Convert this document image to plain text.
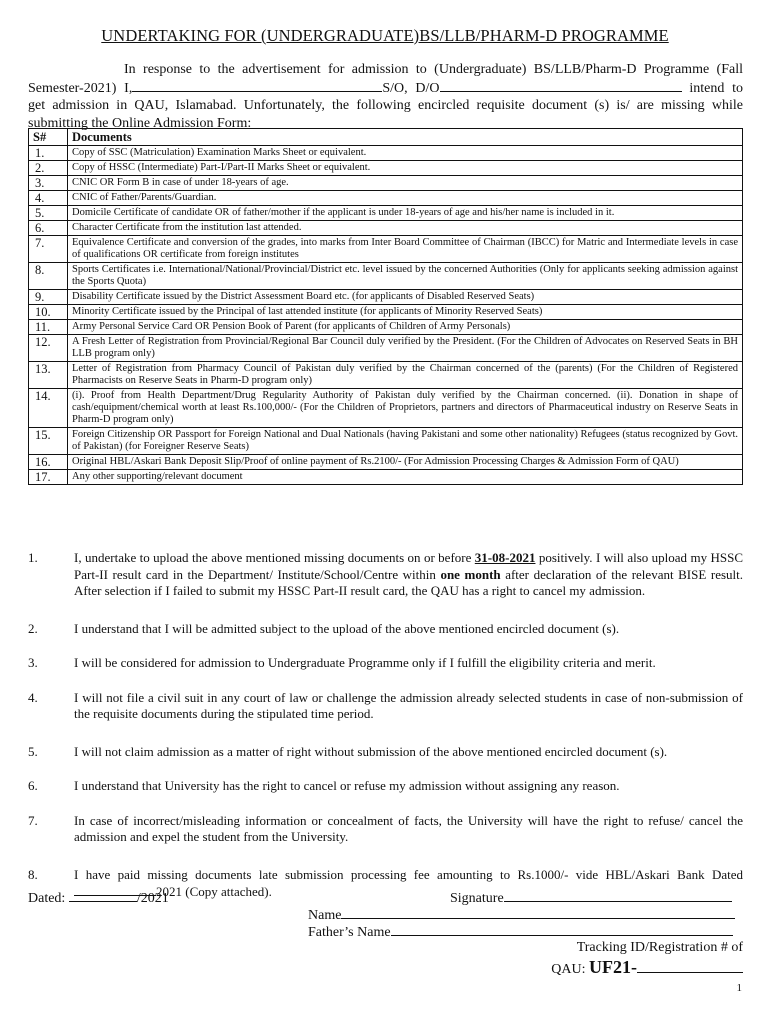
UNDERTAKING FOR (UNDERGRADUATE)BS/LLB/PHARM-D PROGRAMME
In response to the advertisement for admission to (Undergraduate) BS/LLB/Pharm-D Programme (Fall Semester-2021) I,	S/O, D/O	intend to get admission in QAU, Islamabad. Unfortunately, the following encircled requisite document (s) is/ are missing while submitting the Online Admission Form:
S#	Documents
1.	Copy of SSC (Matriculation) Examination Marks Sheet or equivalent.
2.	Copy of HSSC (Intermediate) Part-I/Part-II Marks Sheet or equivalent.
3.	CNIC OR Form B in case of under 18-years of age.
4.	CNIC of Father/Parents/Guardian.
5.	Domicile Certificate of candidate OR of father/mother if the applicant is under 18-years of age and his/her name is included in it.
6.	Character Certificate from the institution last attended.
7.	Equivalence Certificate and conversion of the grades, into marks from Inter Board Committee of Chairman (IBCC) for Matric and Intermediate levels in case of qualifications OR certificate from foreign institutes
8.	Sports Certificates i.e. International/National/Provincial/District etc. level issued by the concerned Authorities (Only for applicants seeking admission against the Sports Quota)
9.	Disability Certificate issued by the District Assessment Board etc. (for applicants of Disabled Reserved Seats)
10.	Minority Certificate issued by the Principal of last attended institute (for applicants of Minority Reserved Seats)
11.	Army Personal Service Card OR Pension Book of Parent (for applicants of Children of Army Personals)
12.	A Fresh Letter of Registration from Provincial/Regional Bar Council duly verified by the President. (For the Children of Advocates on Reserved Seats in BH LLB program only)
13.	Letter of Registration from Pharmacy Council of Pakistan duly verified by the Chairman concerned of the (parents) (For the Children of Registered Pharmacists on Reserve Seats in Pharm-D program only)
14.	(i). Proof from Health Department/Drug Regularity Authority of Pakistan duly verified by the Chairman concerned. (ii). Donation in shape of cash/equipment/chemical worth at least Rs.100,000/- (For the Children of Proprietors, partners and directors of Pharmaceutical industry on Reserve Seats in Pharm-D program only)
15.	Foreign Citizenship OR Passport for Foreign National and Dual Nationals (having Pakistani and some other nationality) Refugees (status recognized by Govt. of Pakistan) (for Foreigner Reserve Seats)
16.	Original HBL/Askari Bank Deposit Slip/Proof of online payment of Rs.2100/- (For Admission Processing Charges & Admission Form of QAU)
17.	Any other supporting/relevant document
1.	I, undertake to upload the above mentioned missing documents on or before 31-08-2021 positively. I will also upload my HSSC Part-II result card in the Department/ Institute/School/Centre within one month after declaration of the relevant BISE result. After selection if I failed to submit my HSSC Part-II result card, the QAU has a right to cancel my admission.
2.	I understand that I will be admitted subject to the upload of the above mentioned encircled document (s).
3.	I will be considered for admission to Undergraduate Programme only if I fulfill the eligibility criteria and merit.
4.	I will not file a civil suit in any court of law or challenge the admission already selected students in case of non-submission of the requisite documents during the stipulated time period.
5.	I will not claim admission as a matter of right without submission of the above mentioned encircled document (s).
6.	I understand that University has the right to cancel or refuse my admission without assigning any reason.
7.	In case of incorrect/misleading information or concealment of facts, the University will have the right to refuse/ cancel the admission and expel the student from the University.
8.	I have paid missing documents late submission processing fee amounting to Rs.1000/- vide HBL/Askari Bank Dated2021 (Copy attached).
Dated:	/2021	Signature
Name
Father’s Name
Tracking ID/Registration # of
QAU: UF21-
1
